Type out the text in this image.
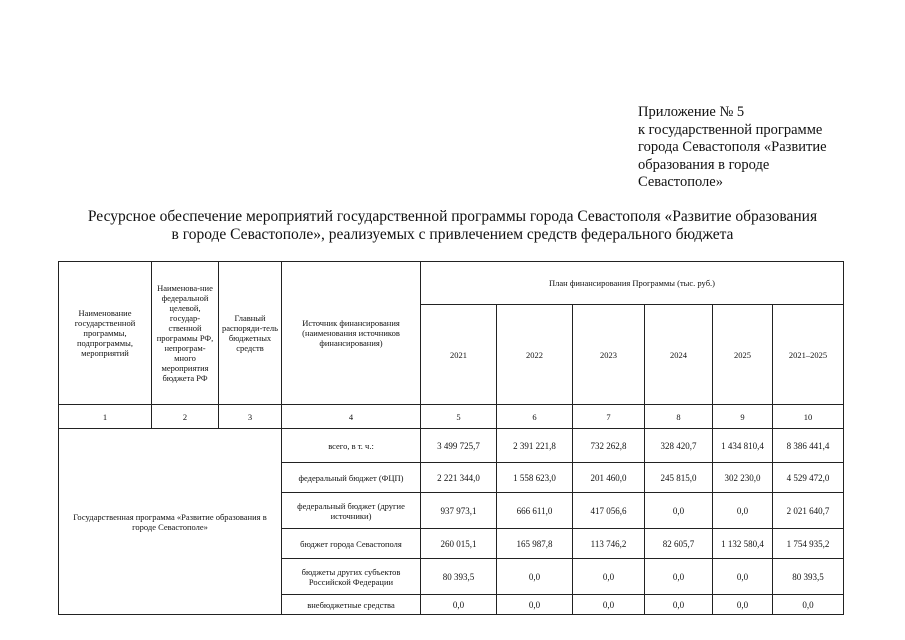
Приложение № 5
к государственной программе
города Севастополя «Развитие
образования в городе
Севастополе»
Ресурсное обеспечение мероприятий государственной программы города Севастополя «Развитие образования
в городе Севастополе», реализуемых с привлечением средств федерального бюджета
Наименование государственной программы, подпрограммы, мероприятий	Наименова-ние федеральной целевой, государ-ственной программы РФ, непрограм-много мероприятия бюджета РФ	Главный распоряди-тель бюджетных средств	Источник финансирования (наименования источников финансирования)	План финансирования Программы (тыс. руб.)					
				2021	2022	2023	2024	2025	2021–2025
1	2	3	4	5	6	7	8	9	10
Государственная программа «Развитие образования в городе Севастополе»			всего, в т. ч.:	3 499 725,7	2 391 221,8	732 262,8	328 420,7	1 434 810,4	8 386 441,4
			федеральный бюджет (ФЦП)	2 221 344,0	1 558 623,0	201 460,0	245 815,0	302 230,0	4 529 472,0
			федеральный бюджет (другие источники)	937 973,1	666 611,0	417 056,6	0,0	0,0	2 021 640,7
			бюджет города Севастополя	260 015,1	165 987,8	113 746,2	82 605,7	1 132 580,4	1 754 935,2
			бюджеты других субъектов Российской Федерации	80 393,5	0,0	0,0	0,0	0,0	80 393,5
			внебюджетные средства	0,0	0,0	0,0	0,0	0,0	0,0
